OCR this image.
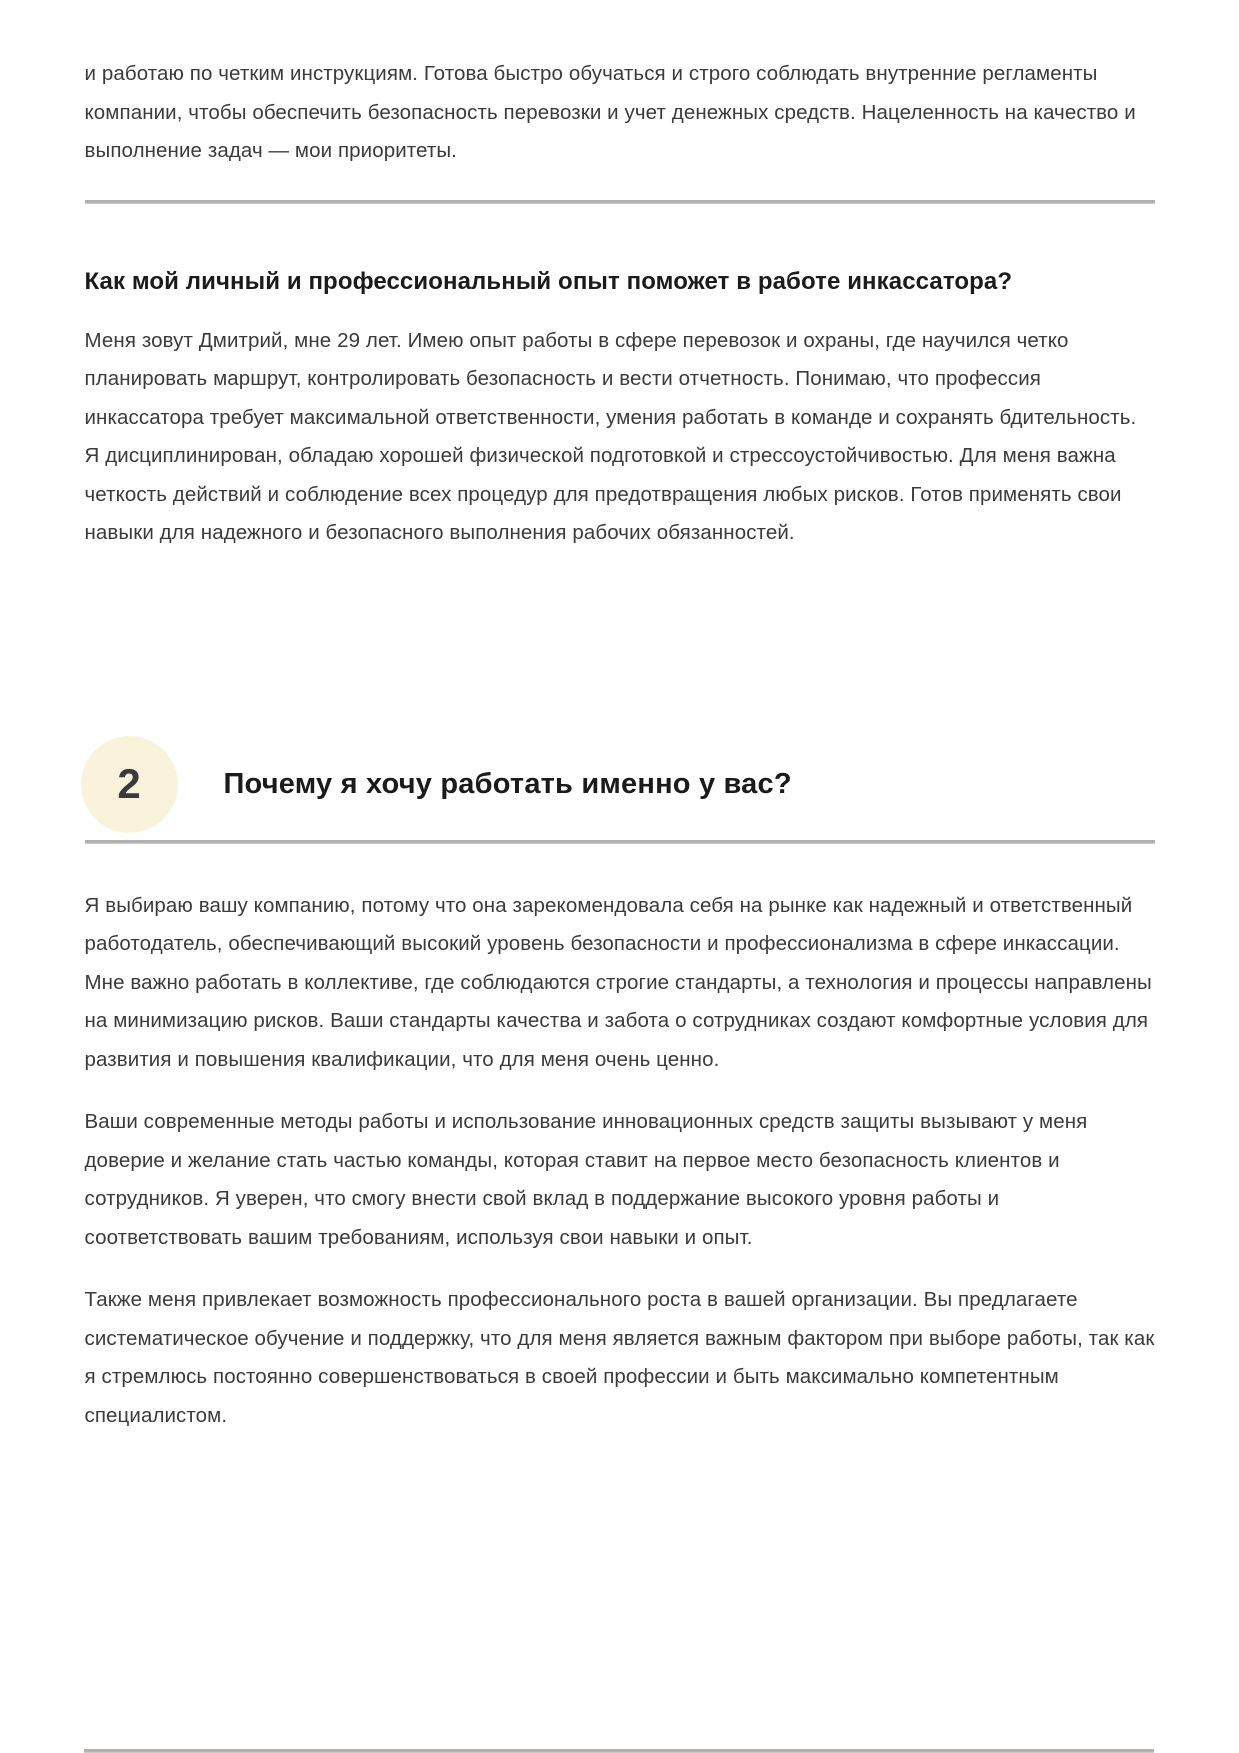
и работаю по четким инструкциям. Готова быстро обучаться и строго соблюдать внутренние регламенты компании, чтобы обеспечить безопасность перевозки и учет денежных средств. Нацеленность на качество и выполнение задач — мои приоритеты.

Как мой личный и профессиональный опыт поможет в работе инкассатора?

Меня зовут Дмитрий, мне 29 лет. Имею опыт работы в сфере перевозок и охраны, где научился четко планировать маршрут, контролировать безопасность и вести отчетность. Понимаю, что профессия инкассатора требует максимальной ответственности, умения работать в команде и сохранять бдительность. Я дисциплинирован, обладаю хорошей физической подготовкой и стрессоустойчивостью. Для меня важна четкость действий и соблюдение всех процедур для предотвращения любых рисков. Готов применять свои навыки для надежного и безопасного выполнения рабочих обязанностей.

2	Почему я хочу работать именно у вас?

Я выбираю вашу компанию, потому что она зарекомендовала себя на рынке как надежный и ответственный работодатель, обеспечивающий высокий уровень безопасности и профессионализма в сфере инкассации. Мне важно работать в коллективе, где соблюдаются строгие стандарты, а технология и процессы направлены на минимизацию рисков. Ваши стандарты качества и забота о сотрудниках создают комфортные условия для развития и повышения квалификации, что для меня очень ценно.

Ваши современные методы работы и использование инновационных средств защиты вызывают у меня доверие и желание стать частью команды, которая ставит на первое место безопасность клиентов и сотрудников. Я уверен, что смогу внести свой вклад в поддержание высокого уровня работы и соответствовать вашим требованиям, используя свои навыки и опыт.

Также меня привлекает возможность профессионального роста в вашей организации. Вы предлагаете систематическое обучение и поддержку, что для меня является важным фактором при выборе работы, так как я стремлюсь постоянно совершенствоваться в своей профессии и быть максимально компетентным специалистом.
